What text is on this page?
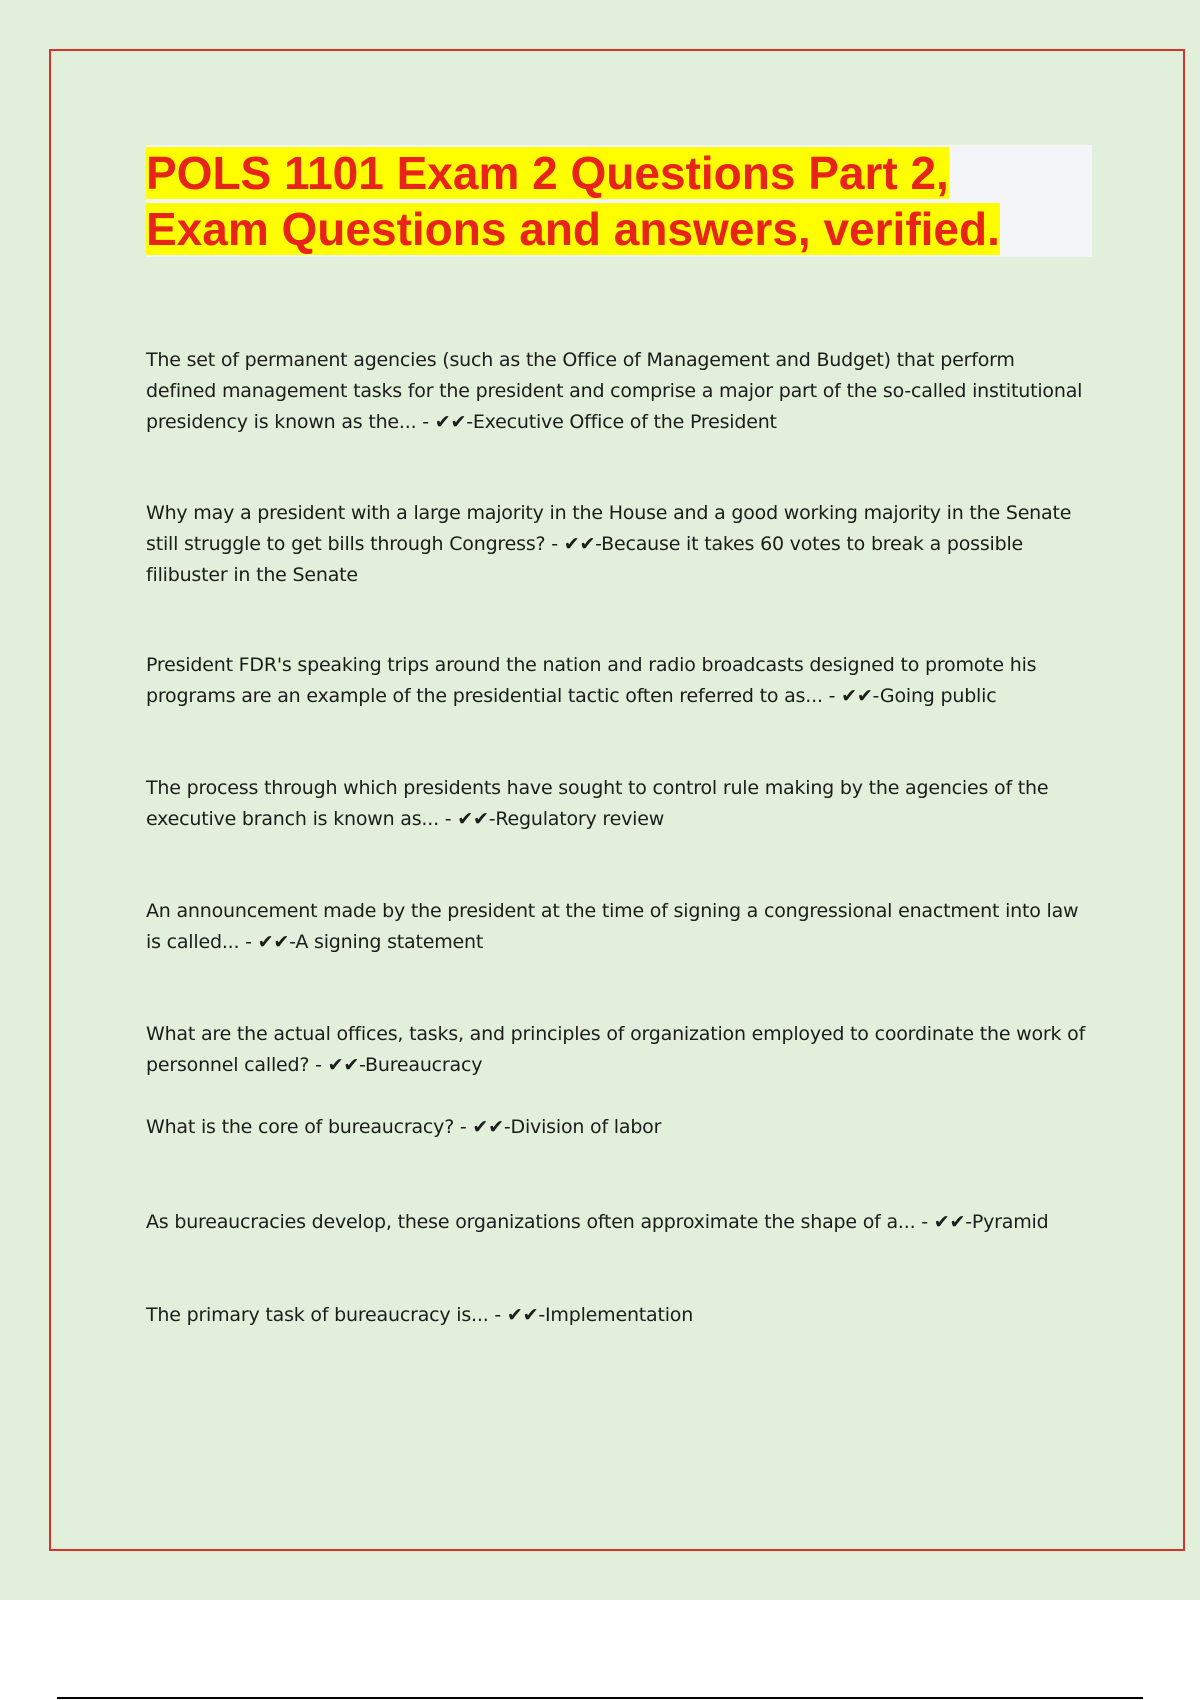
POLS 1101 Exam 2 Questions Part 2,
Exam Questions and answers, verified.

The set of permanent agencies (such as the Office of Management and Budget) that perform defined management tasks for the president and comprise a major part of the so-called institutional presidency is known as the... - ✔✔-Executive Office of the President

Why may a president with a large majority in the House and a good working majority in the Senate still struggle to get bills through Congress? - ✔✔-Because it takes 60 votes to break a possible filibuster in the Senate

President FDR's speaking trips around the nation and radio broadcasts designed to promote his programs are an example of the presidential tactic often referred to as... - ✔✔-Going public

The process through which presidents have sought to control rule making by the agencies of the executive branch is known as... - ✔✔-Regulatory review

An announcement made by the president at the time of signing a congressional enactment into law is called... - ✔✔-A signing statement

What are the actual offices, tasks, and principles of organization employed to coordinate the work of personnel called? - ✔✔-Bureaucracy

What is the core of bureaucracy? - ✔✔-Division of labor

As bureaucracies develop, these organizations often approximate the shape of a... - ✔✔-Pyramid

The primary task of bureaucracy is... - ✔✔-Implementation
